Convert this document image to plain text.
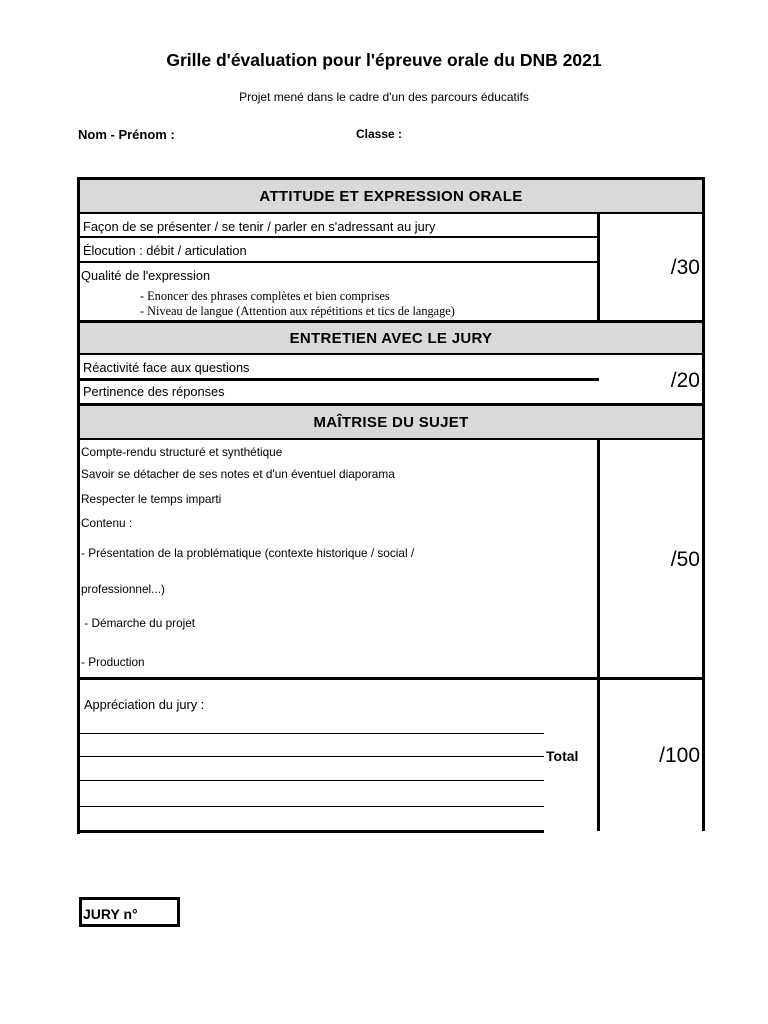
Grille d'évaluation pour l'épreuve orale du DNB 2021
Projet mené dans le cadre d'un des parcours éducatifs
Nom - Prénom :	Classe :
ATTITUDE ET EXPRESSION ORALE
Façon de se présenter / se tenir / parler en s'adressant au jury
Élocution : débit / articulation
Qualité de l'expression
- Enoncer des phrases complètes et bien comprises
- Niveau de langue (Attention aux répétitions et tics de langage)
/30
ENTRETIEN AVEC LE JURY
Réactivité face aux questions
Pertinence des réponses	/20
MAÎTRISE DU SUJET
Compte-rendu structuré et synthétique
Savoir se détacher de ses notes et d'un éventuel diaporama
Respecter le temps imparti
Contenu :
- Présentation de la problématique (contexte historique / social /
professionnel...)
- Démarche du projet
- Production
/50
Appréciation du jury :
Total	/100
JURY n°
